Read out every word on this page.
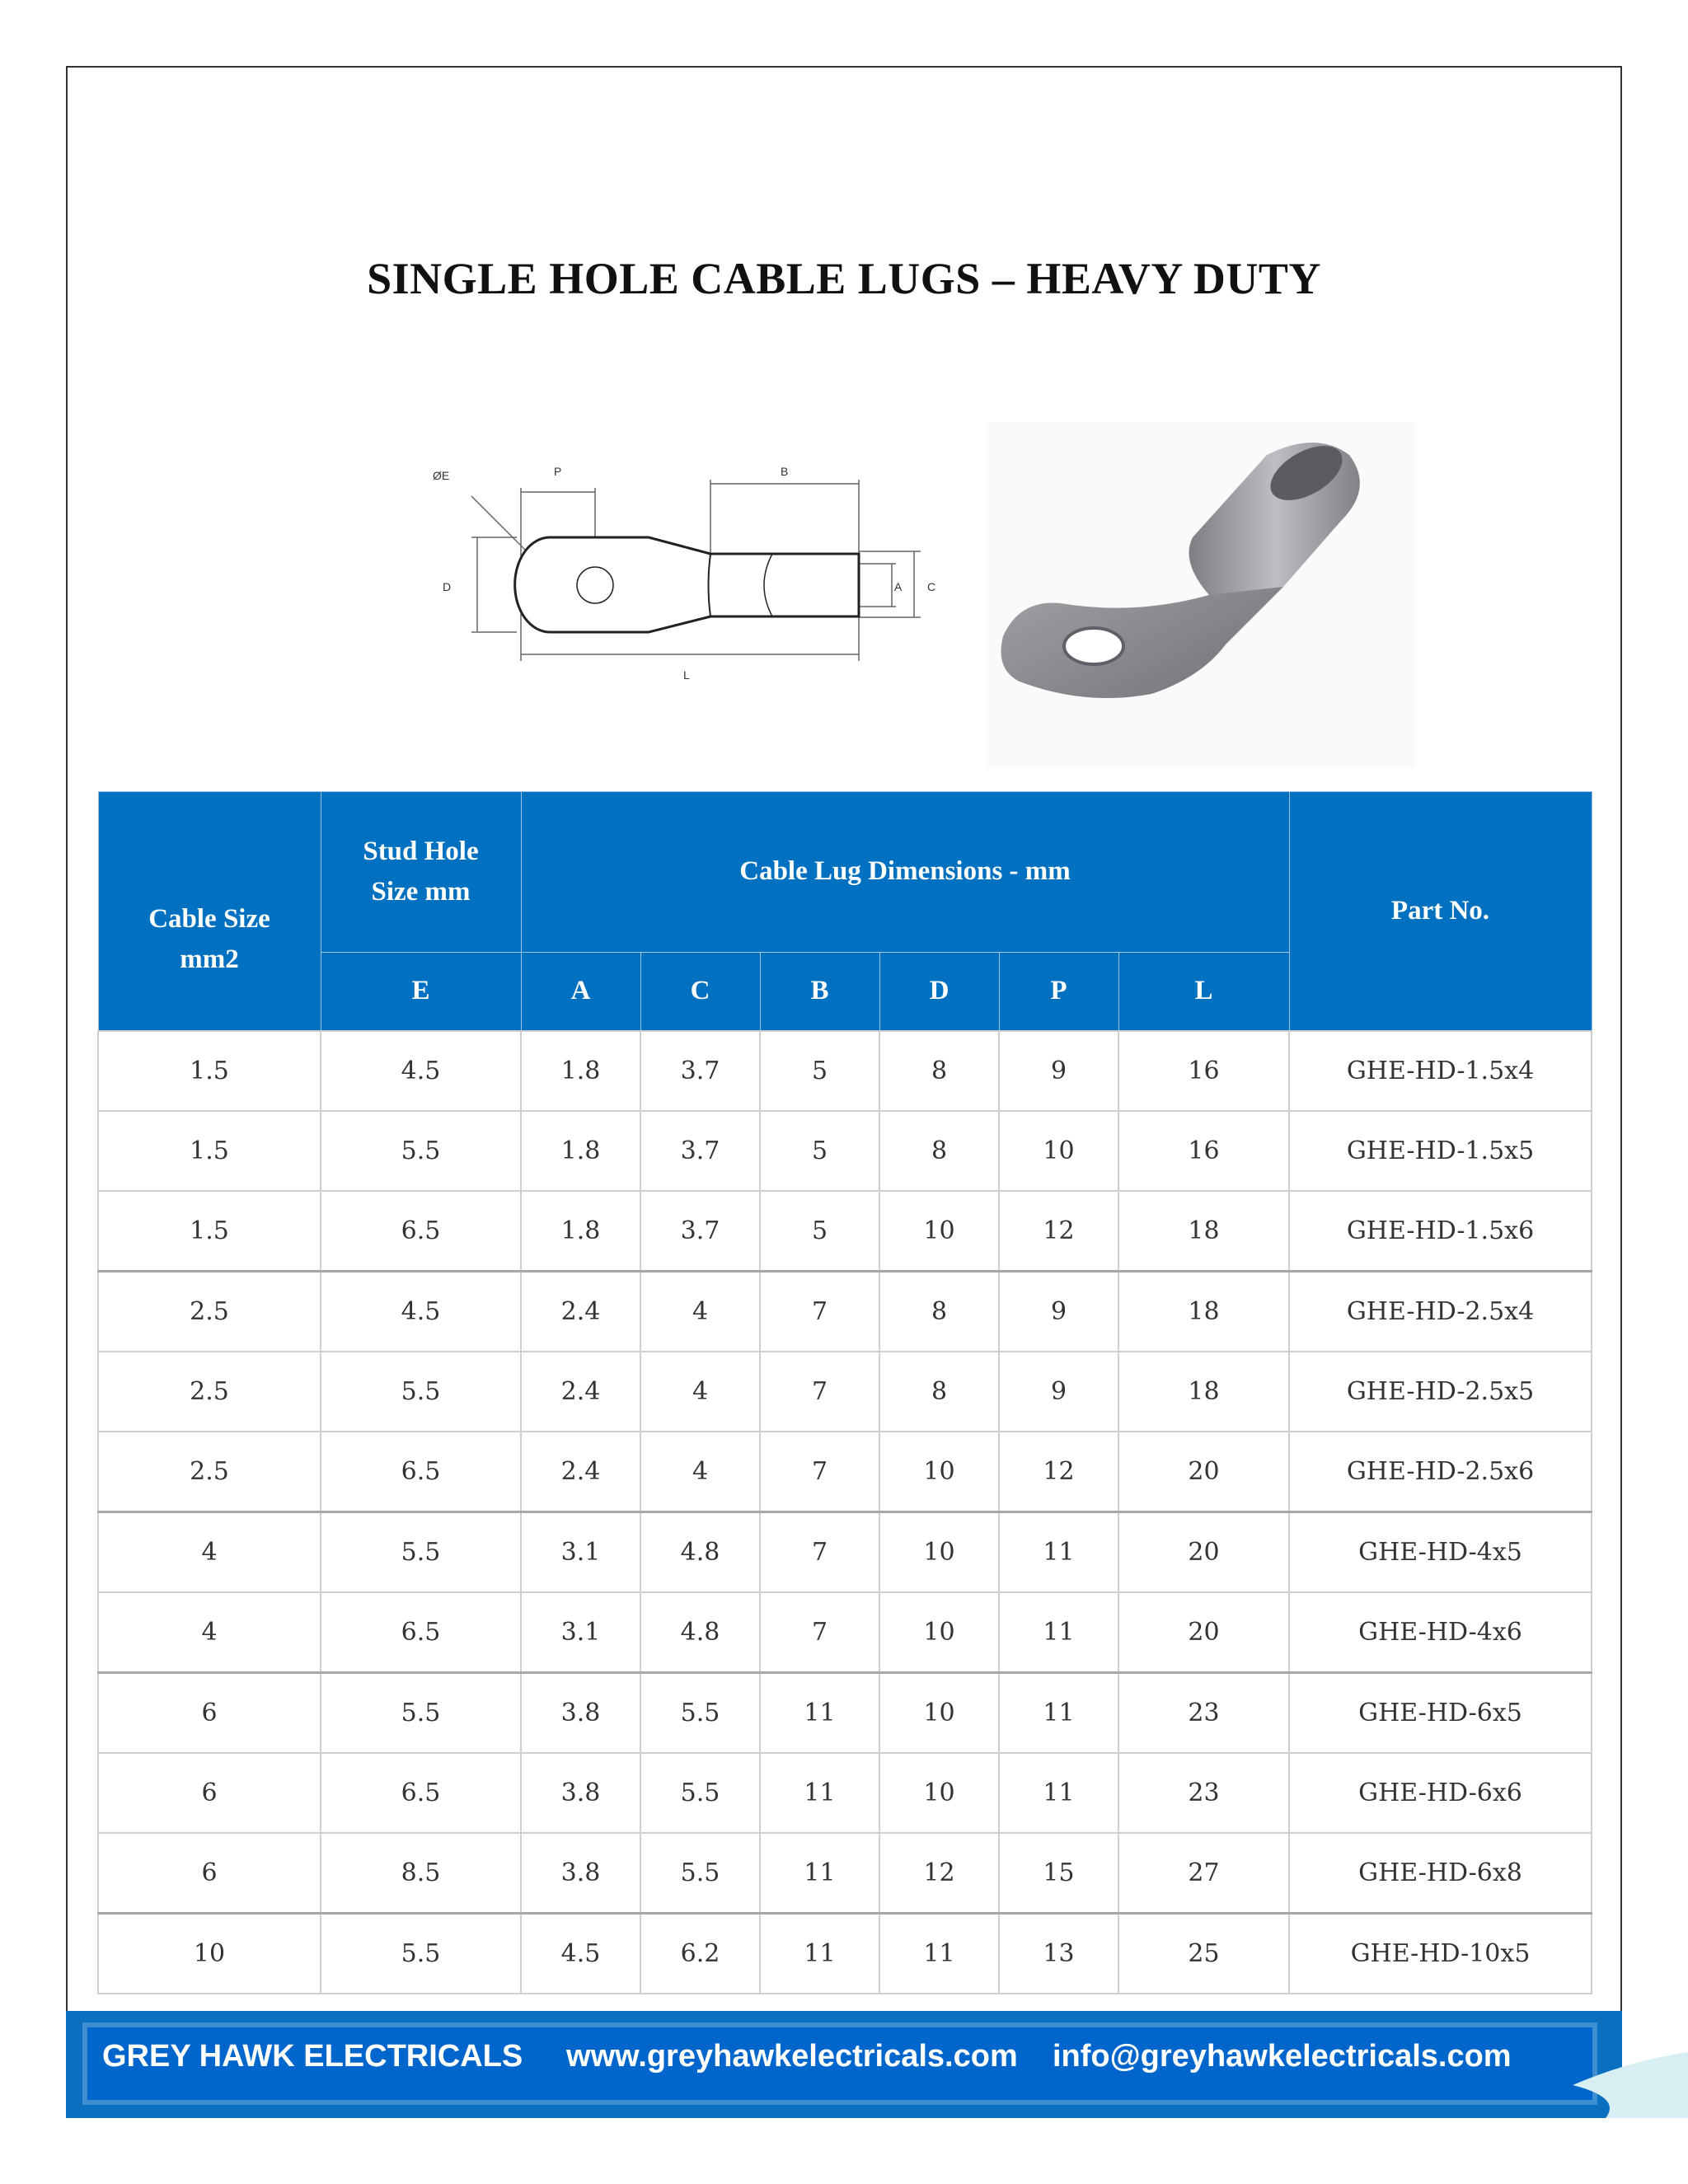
SINGLE HOLE CABLE LUGS – HEAVY DUTY
ØE	P	B
D	A C
L
Cable Size mm2	Stud Hole Size mm	Cable Lug Dimensions - mm						Part No.
	E	A	C	B	D	P	L	
1.5	4.5	1.8	3.7	5	8	9	16	GHE-HD-1.5x4
1.5	5.5	1.8	3.7	5	8	10	16	GHE-HD-1.5x5
1.5	6.5	1.8	3.7	5	10	12	18	GHE-HD-1.5x6
2.5	4.5	2.4	4	7	8	9	18	GHE-HD-2.5x4
2.5	5.5	2.4	4	7	8	9	18	GHE-HD-2.5x5
2.5	6.5	2.4	4	7	10	12	20	GHE-HD-2.5x6
4	5.5	3.1	4.8	7	10	11	20	GHE-HD-4x5
4	6.5	3.1	4.8	7	10	11	20	GHE-HD-4x6
6	5.5	3.8	5.5	11	10	11	23	GHE-HD-6x5
6	6.5	3.8	5.5	11	10	11	23	GHE-HD-6x6
6	8.5	3.8	5.5	11	12	15	27	GHE-HD-6x8
10	5.5	4.5	6.2	11	11	13	25	GHE-HD-10x5
GREY HAWK ELECTRICALS www.greyhawkelectricals.com info@greyhawkelectricals.com
